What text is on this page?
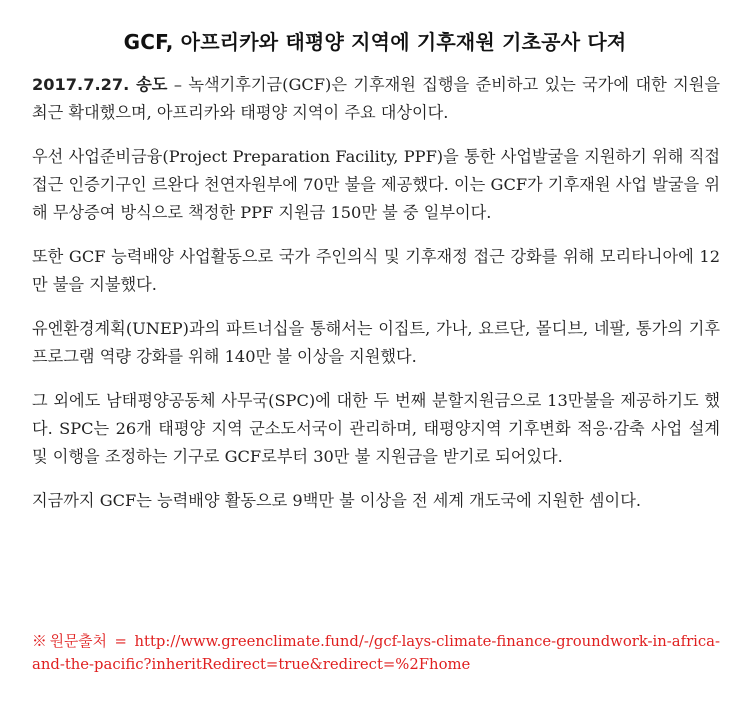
GCF, 아프리카와 태평양 지역에 기후재원 기초공사 다져

2017.7.27. 송도 – 녹색기후기금(GCF)은 기후재원 집행을 준비하고 있는 국가에 대한 지원을 최근 확대했으며, 아프리카와 태평양 지역이 주요 대상이다.

우선 사업준비금융(Project Preparation Facility, PPF)을 통한 사업발굴을 지원하기 위해 직접접근 인증기구인 르완다 천연자원부에 70만 불을 제공했다. 이는 GCF가 기후재원 사업 발굴을 위해 무상증여 방식으로 책정한 PPF 지원금 150만 불 중 일부이다.

또한 GCF 능력배양 사업활동으로 국가 주인의식 및 기후재정 접근 강화를 위해 모리타니아에 12만 불을 지불했다.

유엔환경계획(UNEP)과의 파트너십을 통해서는 이집트, 가나, 요르단, 몰디브, 네팔, 통가의 기후 프로그램 역량 강화를 위해 140만 불 이상을 지원했다.

그 외에도 남태평양공동체 사무국(SPC)에 대한 두 번째 분할지원금으로 13만불을 제공하기도 했다. SPC는 26개 태평양 지역 군소도서국이 관리하며, 태평양지역 기후변화 적응·감축 사업 설계 및 이행을 조정하는 기구로 GCF로부터 30만 불 지원금을 받기로 되어있다.

지금까지 GCF는 능력배양 활동으로 9백만 불 이상을 전 세계 개도국에 지원한 셈이다.

※원문출처 = http://www.greenclimate.fund/-/gcf-lays-climate-finance-groundwork-in-africa-and-the-pacific?inheritRedirect=true&redirect=%2Fhome
